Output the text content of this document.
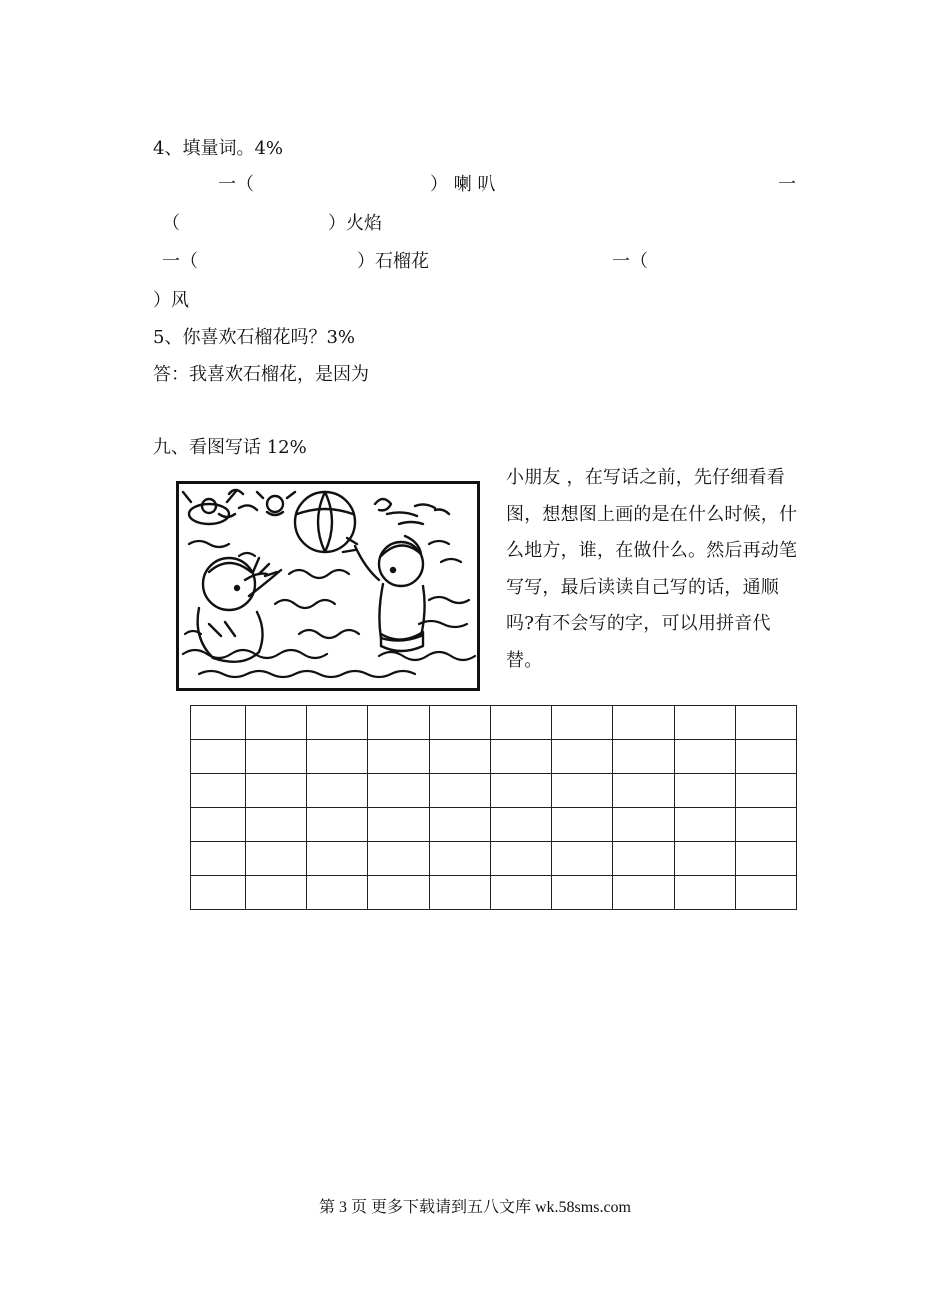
4、填量词。4%
一（	） 喇 叭	一
（	）火焰
一（	）石榴花	一（
）风
5、你喜欢石榴花吗？3%
答：我喜欢石榴花，是因为
九、看图写话 12%
小朋友 ，在写话之前，先仔细看看图，想想图上画的是在什么时候，什么地方，谁，在做什么。然后再动笔写写，最后读读自己写的话，通顺吗?有不会写的字，可以用拼音代替。

第 3 页 更多下载请到五八文库 wk.58sms.com
